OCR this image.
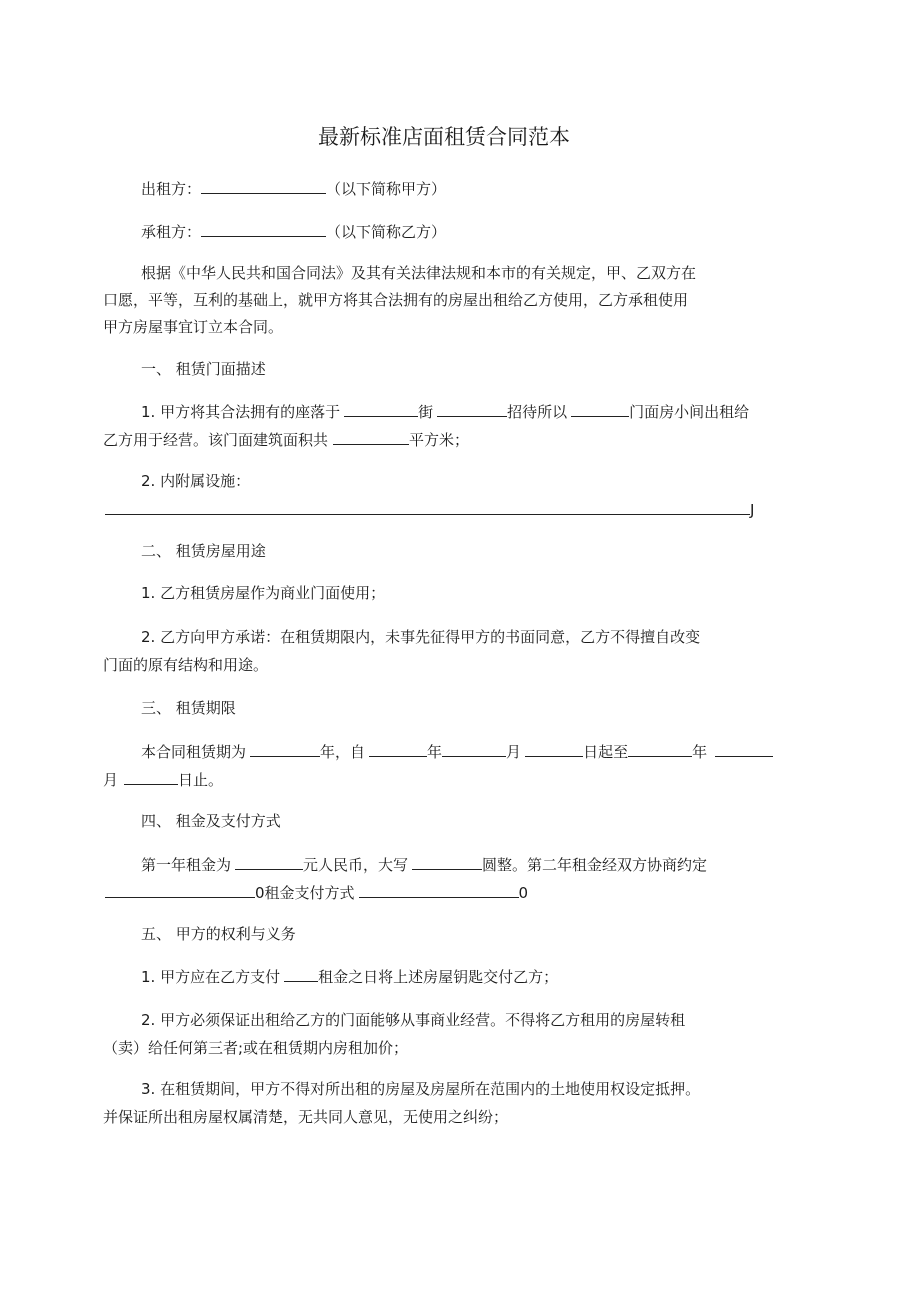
最新标准店面租赁合同范本
出租方：	（以下简称甲方）
承租方：	（以下简称乙方）
根据《中华人民共和国合同法》及其有关法律法规和本市的有关规定，甲、乙双方在
口愿，平等，互利的基础上，就甲方将其合法拥有的房屋出租给乙方使用，乙方承租使用
甲方房屋事宜订立本合同。
一、 租赁门面描述
1. 甲方将其合法拥有的座落于	街	招待所以	门面房小间出租给
乙方用于经营。该门面建筑面积共	平方米；
2. 内附属设施：
J
二、 租赁房屋用途
1. 乙方租赁房屋作为商业门面使用；
2. 乙方向甲方承诺：在租赁期限内，未事先征得甲方的书面同意，乙方不得擅自改变
门面的原有结构和用途。
三、 租赁期限
本合同租赁期为	年，自	年	月	日起至	年
月	日止。
四、 租金及支付方式
第一年租金为	元人民币，大写	圆整。第二年租金经双方协商约定
0租金支付方式	0
五、 甲方的权利与义务
1. 甲方应在乙方支付	租金之日将上述房屋钥匙交付乙方；
2. 甲方必须保证出租给乙方的门面能够从事商业经营。不得将乙方租用的房屋转租
（卖）给任何第三者;或在租赁期内房租加价；
3. 在租赁期间，甲方不得对所出租的房屋及房屋所在范围内的土地使用权设定抵押。
并保证所出租房屋权属清楚，无共同人意见，无使用之纠纷；
